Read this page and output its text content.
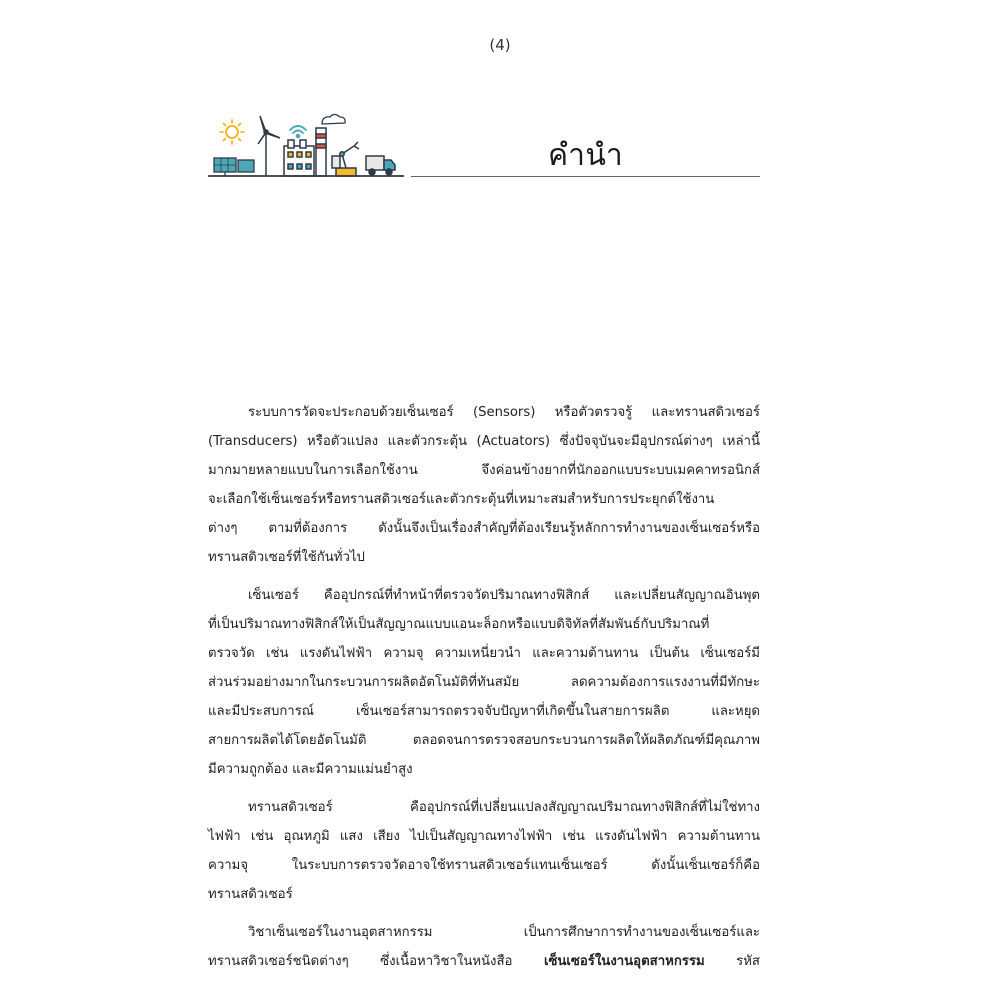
(4)
คำนำ

ระบบการวัดจะประกอบด้วยเซ็นเซอร์ (Sensors) หรือตัวตรวจรู้ และทรานสดิวเซอร์
(Transducers) หรือตัวแปลง และตัวกระตุ้น (Actuators) ซึ่งปัจจุบันจะมีอุปกรณ์ต่างๆ เหล่านี้
มากมายหลายแบบในการเลือกใช้งาน จึงค่อนข้างยากที่นักออกแบบระบบเมคคาทรอนิกส์
จะเลือกใช้เซ็นเซอร์หรือทรานสดิวเซอร์และตัวกระตุ้นที่เหมาะสมสำหรับการประยุกต์ใช้งาน
ต่างๆ ตามที่ต้องการ ดังนั้นจึงเป็นเรื่องสำคัญที่ต้องเรียนรู้หลักการทำงานของเซ็นเซอร์หรือ
ทรานสดิวเซอร์ที่ใช้กันทั่วไป

เซ็นเซอร์ คืออุปกรณ์ที่ทำหน้าที่ตรวจวัดปริมาณทางฟิสิกส์ และเปลี่ยนสัญญาณอินพุต
ที่เป็นปริมาณทางฟิสิกส์ให้เป็นสัญญาณแบบแอนะล็อกหรือแบบดิจิทัลที่สัมพันธ์กับปริมาณที่
ตรวจวัด เช่น แรงดันไฟฟ้า ความจุ ความเหนี่ยวนำ และความต้านทาน เป็นต้น เซ็นเซอร์มี
ส่วนร่วมอย่างมากในกระบวนการผลิตอัตโนมัติที่ทันสมัย ลดความต้องการแรงงานที่มีทักษะ
และมีประสบการณ์ เซ็นเซอร์สามารถตรวจจับปัญหาที่เกิดขึ้นในสายการผลิต และหยุด
สายการผลิตได้โดยอัตโนมัติ ตลอดจนการตรวจสอบกระบวนการผลิตให้ผลิตภัณฑ์มีคุณภาพ
มีความถูกต้อง และมีความแม่นยำสูง

ทรานสดิวเซอร์ คืออุปกรณ์ที่เปลี่ยนแปลงสัญญาณปริมาณทางฟิสิกส์ที่ไม่ใช่ทาง
ไฟฟ้า เช่น อุณหภูมิ แสง เสียง ไปเป็นสัญญาณทางไฟฟ้า เช่น แรงดันไฟฟ้า ความต้านทาน
ความจุ ในระบบการตรวจวัดอาจใช้ทรานสดิวเซอร์แทนเซ็นเซอร์ ดังนั้นเซ็นเซอร์ก็คือ
ทรานสดิวเซอร์

วิชาเซ็นเซอร์ในงานอุตสาหกรรม เป็นการศึกษาการทำงานของเซ็นเซอร์และ
ทรานสดิวเซอร์ชนิดต่างๆ ซึ่งเนื้อหาวิชาในหนังสือ เซ็นเซอร์ในงานอุตสาหกรรม รหัส
